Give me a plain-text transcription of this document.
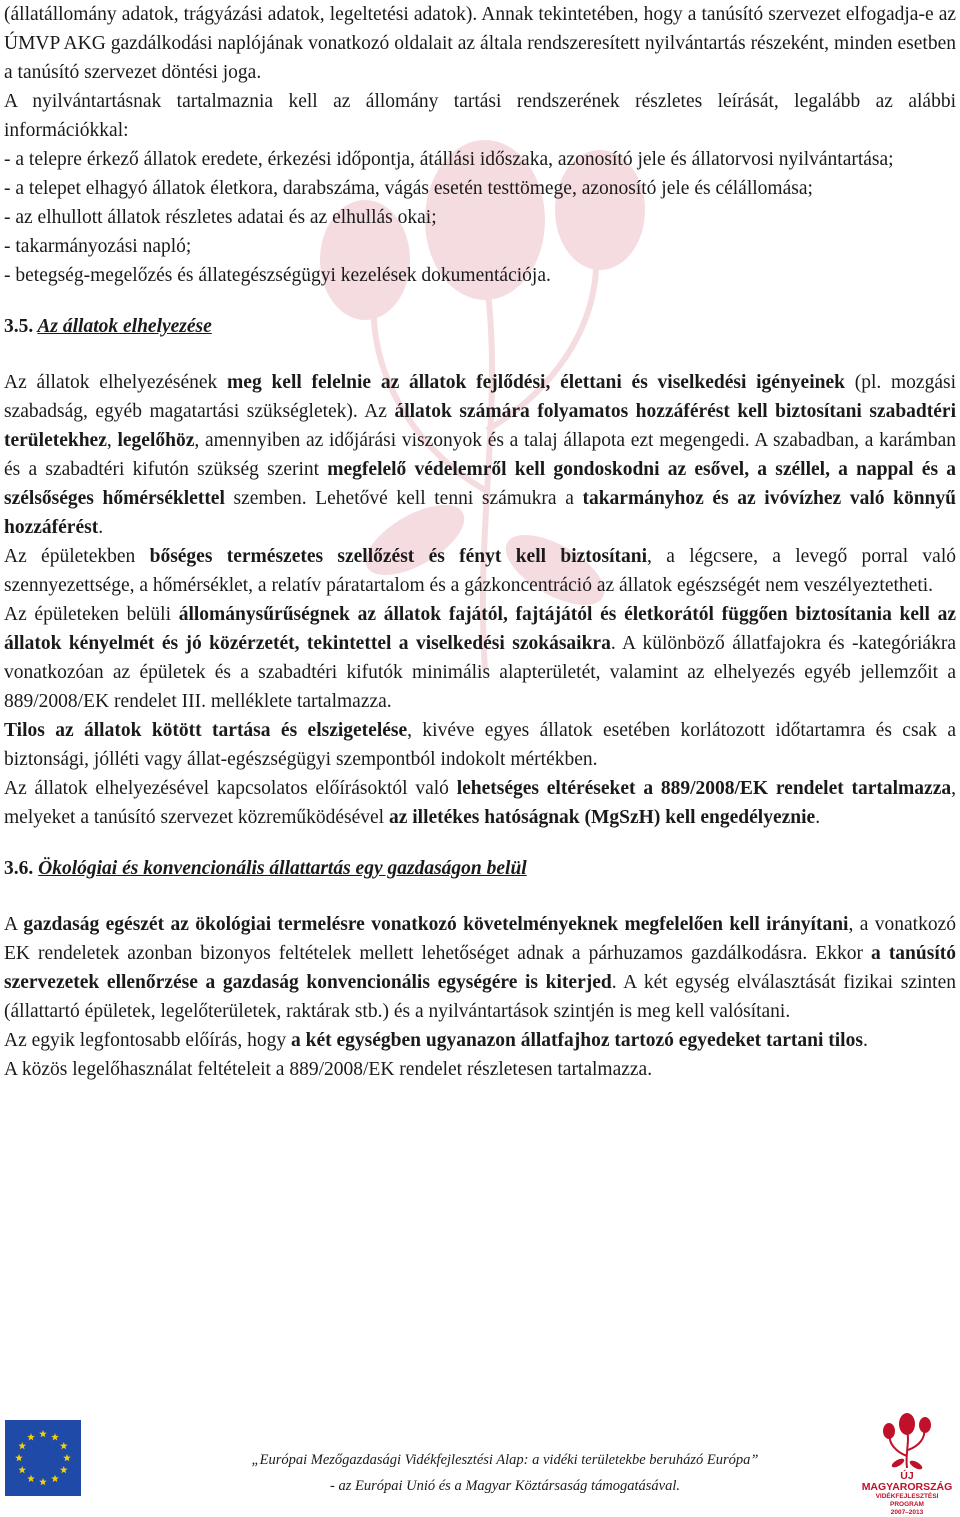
(állatállomány adatok, trágyázási adatok, legeltetési adatok). Annak tekintetében, hogy a tanúsító szervezet elfogadja-e az ÚMVP AKG gazdálkodási naplójának vonatkozó oldalait az általa rendszeresített nyilvántartás részeként, minden esetben a tanúsító szervezet döntési joga.

A nyilvántartásnak tartalmaznia kell az állomány tartási rendszerének részletes leírását, legalább az alábbi információkkal:

- a telepre érkező állatok eredete, érkezési időpontja, átállási időszaka, azonosító jele és állatorvosi nyilvántartása;

- a telepet elhagyó állatok életkora, darabszáma, vágás esetén testtömege, azonosító jele és célállomása;

- az elhullott állatok részletes adatai és az elhullás okai;

- takarmányozási napló;

- betegség-megelőzés és állategészségügyi kezelések dokumentációja.

3.5. Az állatok elhelyezése

Az állatok elhelyezésének meg kell felelnie az állatok fejlődési, élettani és viselkedési igényeinek (pl. mozgási szabadság, egyéb magatartási szükségletek). Az állatok számára folyamatos hozzáférést kell biztosítani szabadtéri területekhez, legelőhöz, amennyiben az időjárási viszonyok és a talaj állapota ezt megengedi. A szabadban, a karámban és a szabadtéri kifutón szükség szerint megfelelő védelemről kell gondoskodni az esővel, a széllel, a nappal és a szélsőséges hőmérséklettel szemben. Lehetővé kell tenni számukra a takarmányhoz és az ivóvízhez való könnyű hozzáférést.

Az épületekben bőséges természetes szellőzést és fényt kell biztosítani, a légcsere, a levegő porral való szennyezettsége, a hőmérséklet, a relatív páratartalom és a gázkoncentráció az állatok egészségét nem veszélyeztetheti.

Az épületeken belüli állománysűrűségnek az állatok fajától, fajtájától és életkorától függően biztosítania kell az állatok kényelmét és jó közérzetét, tekintettel a viselkedési szokásaikra. A különböző állatfajokra és -kategóriákra vonatkozóan az épületek és a szabadtéri kifutók minimális alapterületét, valamint az elhelyezés egyéb jellemzőit a 889/2008/EK rendelet III. melléklete tartalmazza.

Tilos az állatok kötött tartása és elszigetelése, kivéve egyes állatok esetében korlátozott időtartamra és csak a biztonsági, jólléti vagy állat-egészségügyi szempontból indokolt mértékben.

Az állatok elhelyezésével kapcsolatos előírásoktól való lehetséges eltéréseket a 889/2008/EK rendelet tartalmazza, melyeket a tanúsító szervezet közreműködésével az illetékes hatóságnak (MgSzH) kell engedélyeznie.

3.6. Ökológiai és konvencionális állattartás egy gazdaságon belül

A gazdaság egészét az ökológiai termelésre vonatkozó követelményeknek megfelelően kell irányítani, a vonatkozó EK rendeletek azonban bizonyos feltételek mellett lehetőséget adnak a párhuzamos gazdálkodásra. Ekkor a tanúsító szervezetek ellenőrzése a gazdaság konvencionális egységére is kiterjed. A két egység elválasztását fizikai szinten (állattartó épületek, legelőterületek, raktárak stb.) és a nyilvántartások szintjén is meg kell valósítani.

Az egyik legfontosabb előírás, hogy a két egységben ugyanazon állatfajhoz tartozó egyedeket tartani tilos.

A közös legelőhasználat feltételeit a 889/2008/EK rendelet részletesen tartalmazza.

„Európai Mezőgazdasági Vidékfejlesztési Alap: a vidéki területekbe beruházó Európa”
- az Európai Unió és a Magyar Köztársaság támogatásával.
ÚJ MAGYARORSZÁG
VIDÉKFEJLESZTÉSI PROGRAM
2007–2013
